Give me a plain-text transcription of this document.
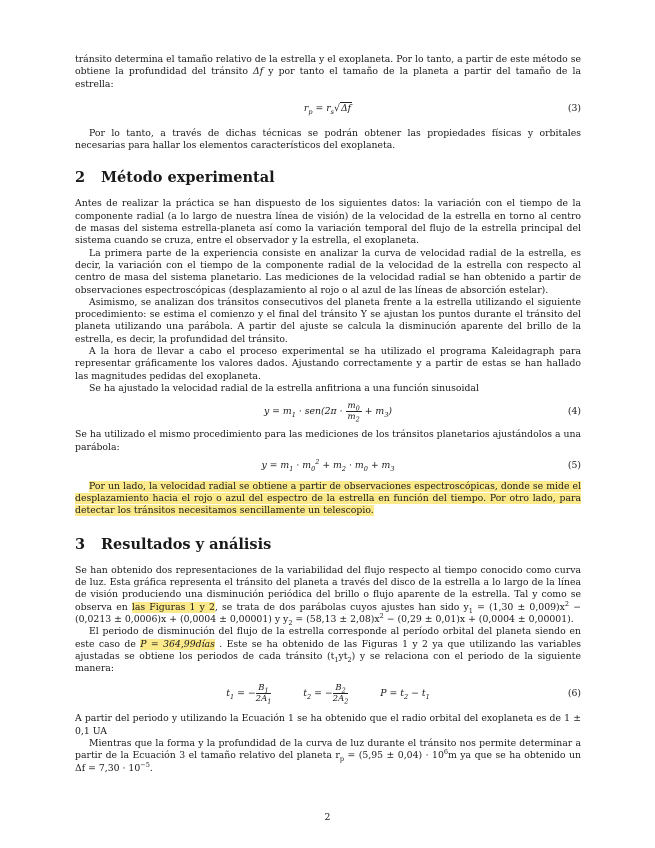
tránsito determina el tamaño relativo de la estrella y el exoplaneta. Por lo tanto, a partir de este método se obtiene la profundidad del tránsito Δf y por tanto el tamaño de la planeta a partir del tamaño de la estrella:

$r_p = r_s√\Delta f$	(3)

Por lo tanto, a través de dichas técnicas se podrán obtener las propiedades físicas y orbitales necesarias para hallar los elementos característicos del exoplaneta.

2 Método experimental

Antes de realizar la práctica se han dispuesto de los siguientes datos: la variación con el tiempo de la componente radial (a lo largo de nuestra línea de visión) de la velocidad de la estrella en torno al centro de masas del sistema estrella-planeta así como la variación temporal del flujo de la estrella principal del sistema cuando se cruza, entre el observador y la estrella, el exoplaneta.

La primera parte de la experiencia consiste en analizar la curva de velocidad radial de la estrella, es decir, la variación con el tiempo de la componente radial de la velocidad de la estrella con respecto al centro de masa del sistema planetario. Las mediciones de la velocidad radial se han obtenido a partir de observaciones espectroscópicas (desplazamiento al rojo o al azul de las líneas de absorción estelar).

Asimismo, se analizan dos tránsitos consecutivos del planeta frente a la estrella utilizando el siguiente procedimiento: se estima el comienzo y el final del tránsito Y se ajustan los puntos durante el tránsito del planeta utilizando una parábola. A partir del ajuste se calcula la disminución aparente del brillo de la estrella, es decir, la profundidad del tránsito.

A la hora de llevar a cabo el proceso experimental se ha utilizado el programa Kaleidagraph para representar gráficamente los valores dados. Ajustando correctamente y a partir de estas se han hallado las magnitudes pedidas del exoplaneta.

Se ha ajustado la velocidad radial de la estrella anfitriona a una función sinusoidal

$y = m_1 \cdot sen(2\pi \cdot \frac{m_0}{m_2} + m_3)$	(4)

Se ha utilizado el mismo procedimiento para las mediciones de los tránsitos planetarios ajustándolos a una parábola:

$y = m_1 \cdot m_0^2 + m_2 \cdot m_0 + m_3$	(5)

Por un lado, la velocidad radial se obtiene a partir de observaciones espectroscópicas, donde se mide el desplazamiento hacia el rojo o azul del espectro de la estrella en función del tiempo. Por otro lado, para detectar los tránsitos necesitamos sencillamente un telescopio.

3 Resultados y análisis

Se han obtenido dos representaciones de la variabilidad del flujo respecto al tiempo conocido como curva de luz. Esta gráfica representa el tránsito del planeta a través del disco de la estrella a lo largo de la línea de visión produciendo una disminución periódica del brillo o flujo aparente de la estrella. Tal y como se observa en las Figuras 1 y 2, se trata de dos parábolas cuyos ajustes han sido $y_1 = (1,30 \pm 0,009)x^2 - (0,0213 \pm 0,0006)x + (0,0004 \pm 0,00001)$ y $y_2 = (58,13 \pm 2,08)x^2 - (0,29 \pm 0,01)x + (0,0004 \pm 0,00001)$.

El periodo de disminución del flujo de la estrella corresponde al período orbital del planeta siendo en este caso de P = 364,99días . Este se ha obtenido de las Figuras 1 y 2 ya que utilizando las variables ajustadas se obtiene los periodos de cada tránsito $(t_1yt_2)$ y se relaciona con el periodo de la siguiente manera:

$t_1$ = − $\frac{B_1}{2A_1}$	$t_2$ = − $\frac{B_2}{2A_2}$	$P = t_2 - t_1$	(6)

A partir del periodo y utilizando la Ecuación 1 se ha obtenido que el radio orbital del exoplaneta es de 1 ± 0,1 UA

Mientras que la forma y la profundidad de la curva de luz durante el tránsito nos permite determinar a partir de la Ecuación 3 el tamaño relativo del planeta $r_p = (5,95 \pm 0,04) \cdot 10^6m$ ya que se ha obtenido un $\Delta f = 7,30 \cdot 10^{-5}$.

2
